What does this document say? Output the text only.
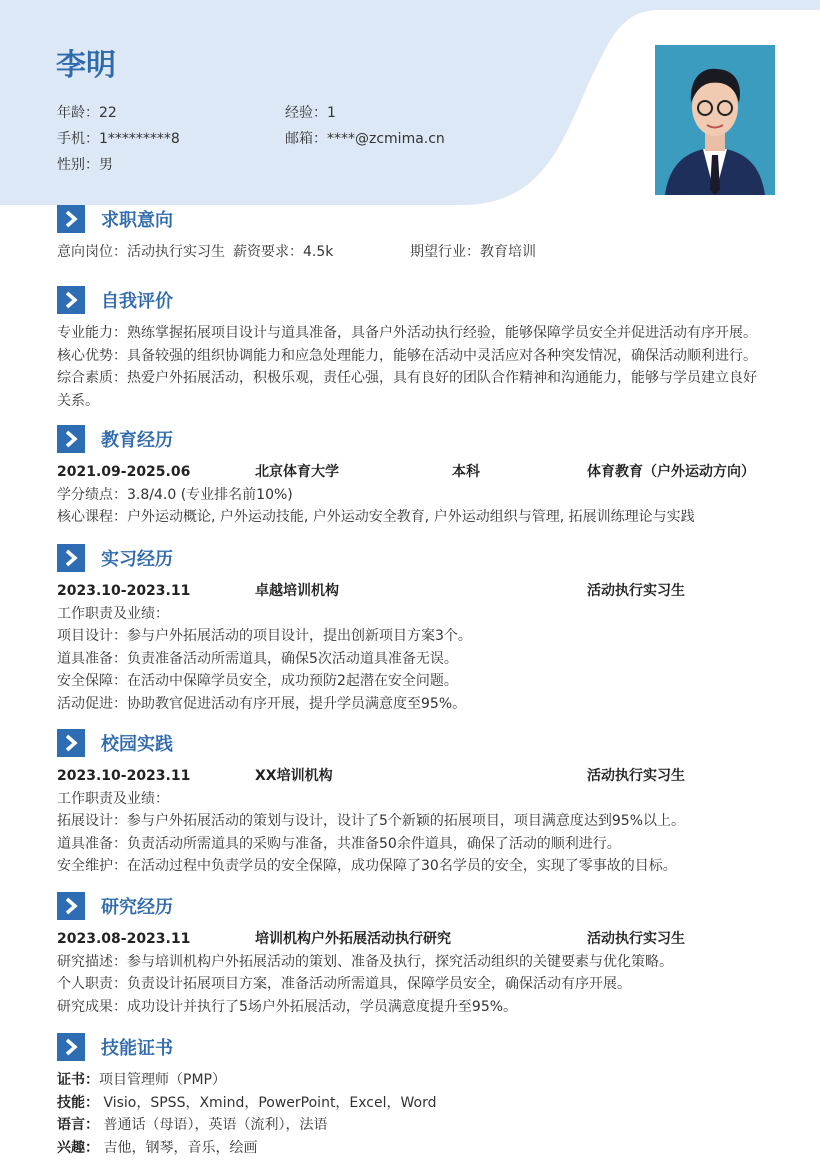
李明
年龄：22	经验：1
手机：1*********8	邮箱：****@zcmima.cn
性别：男
求职意向
意向岗位：活动执行实习生 薪资要求：4.5k	期望行业：教育培训
自我评价
专业能力：熟练掌握拓展项目设计与道具准备，具备户外活动执行经验，能够保障学员安全并促进活动有序开展。
核心优势：具备较强的组织协调能力和应急处理能力，能够在活动中灵活应对各种突发情况，确保活动顺利进行。
综合素质：热爱户外拓展活动，积极乐观，责任心强，具有良好的团队合作精神和沟通能力，能够与学员建立良好
关系。
教育经历
2021.09-2025.06	北京体育大学	本科	体育教育（户外运动方向）
学分绩点：3.8/4.0 (专业排名前10%)
核心课程：户外运动概论, 户外运动技能, 户外运动安全教育, 户外运动组织与管理, 拓展训练理论与实践
实习经历
2023.10-2023.11	卓越培训机构	活动执行实习生
工作职责及业绩：
项目设计：参与户外拓展活动的项目设计，提出创新项目方案3个。
道具准备：负责准备活动所需道具，确保5次活动道具准备无误。
安全保障：在活动中保障学员安全，成功预防2起潜在安全问题。
活动促进：协助教官促进活动有序开展，提升学员满意度至95%。
校园实践
2023.10-2023.11	XX培训机构	活动执行实习生
工作职责及业绩：
拓展设计：参与户外拓展活动的策划与设计，设计了5个新颖的拓展项目，项目满意度达到95%以上。
道具准备：负责活动所需道具的采购与准备，共准备50余件道具，确保了活动的顺利进行。
安全维护：在活动过程中负责学员的安全保障，成功保障了30名学员的安全，实现了零事故的目标。
研究经历
2023.08-2023.11	培训机构户外拓展活动执行研究	活动执行实习生
研究描述：参与培训机构户外拓展活动的策划、准备及执行，探究活动组织的关键要素与优化策略。
个人职责：负责设计拓展项目方案，准备活动所需道具，保障学员安全，确保活动有序开展。
研究成果：成功设计并执行了5场户外拓展活动，学员满意度提升至95%。
技能证书
证书：项目管理师（PMP）
技能： Visio，SPSS，Xmind，PowerPoint，Excel，Word
语言： 普通话（母语），英语（流利），法语
兴趣： 吉他，钢琴，音乐，绘画
